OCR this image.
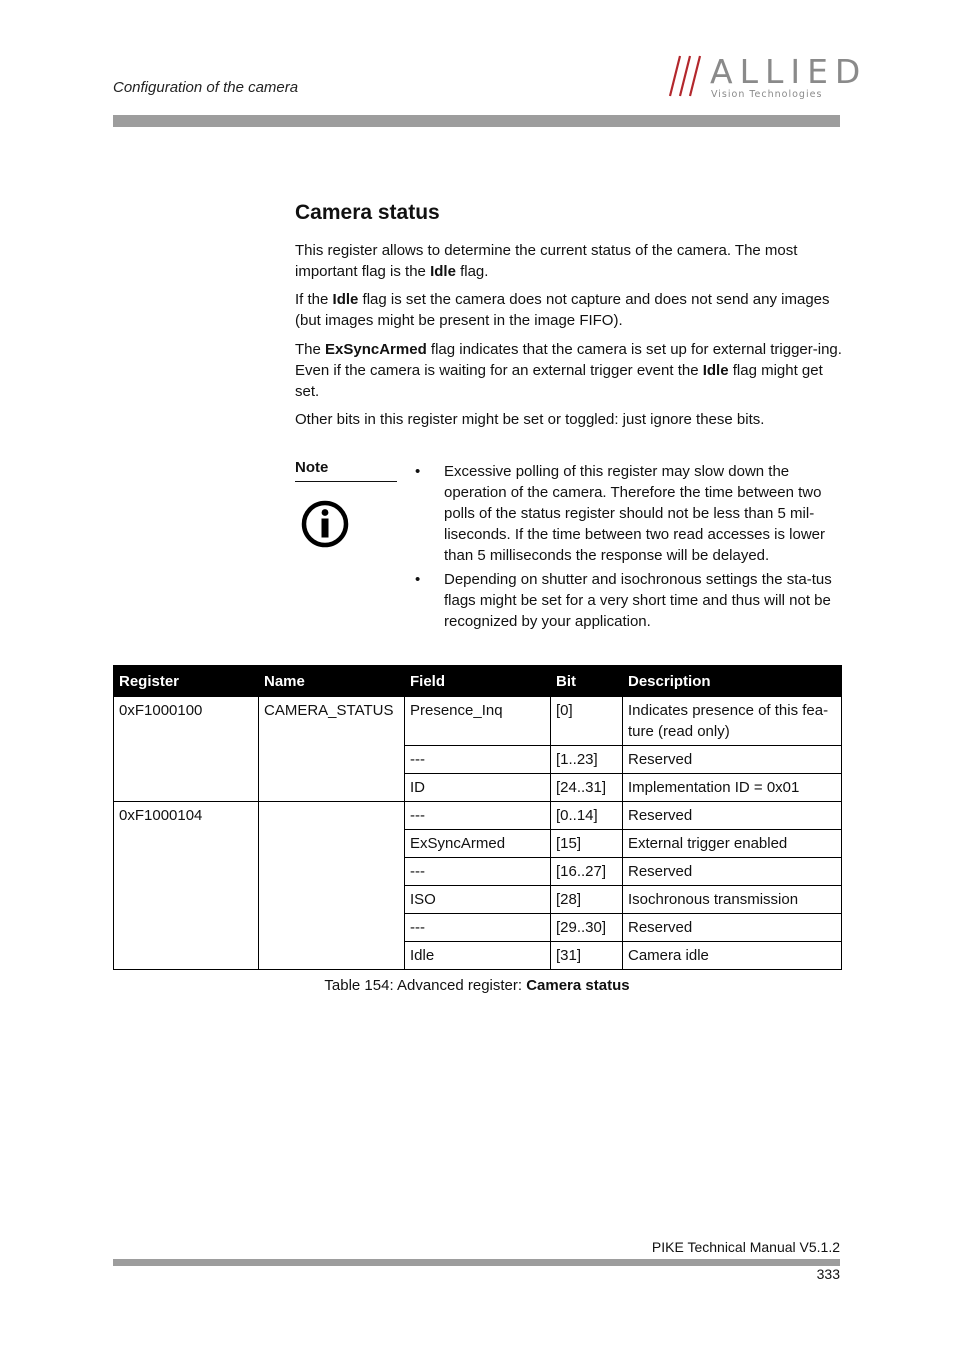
Configuration of the camera	ALLIED
Vision Technologies
Camera status

This register allows to determine the current status of the camera. The most important flag is the Idle flag.

If the Idle flag is set the camera does not capture and does not send any images (but images might be present in the image FIFO).

The ExSyncArmed flag indicates that the camera is set up for external trigger-ing. Even if the camera is waiting for an external trigger event the Idle flag might get set.

Other bits in this register might be set or toggled: just ignore these bits.

Note	• Excessive polling of this register may slow down the operation of the camera. Therefore the time between two polls of the status register should not be less than 5 mil-liseconds. If the time between two read accesses is lower than 5 milliseconds the response will be delayed.
• Depending on shutter and isochronous settings the sta-tus flags might be set for a very short time and thus will not be recognized by your application.
Register	Name	Field	Bit	Description
0xF1000100	CAMERA_STATUS	Presence_Inq	[0]	Indicates presence of this fea-ture (read only)
		---	[1..23]	Reserved
		ID	[24..31]	Implementation ID = 0x01
0xF1000104		---	[0..14]	Reserved
		ExSyncArmed	[15]	External trigger enabled
		---	[16..27]	Reserved
		ISO	[28]	Isochronous transmission
		---	[29..30]	Reserved
		Idle	[31]	Camera idle
Table 154: Advanced register: Camera status
PIKE Technical Manual V5.1.2
333
